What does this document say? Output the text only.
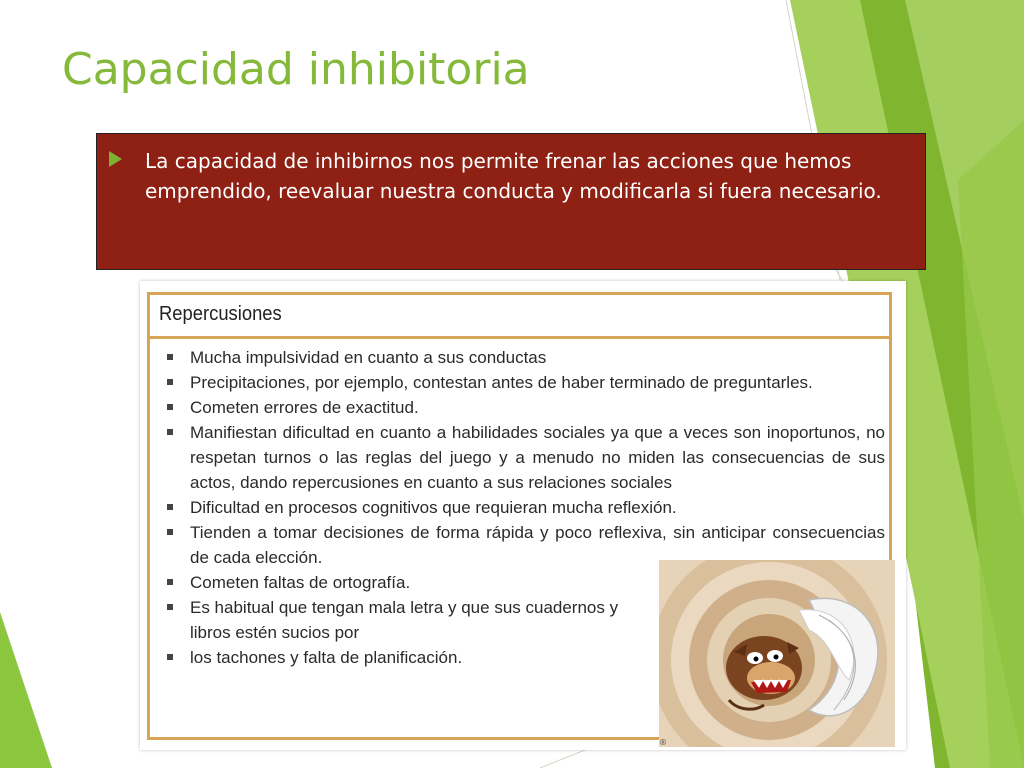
Capacidad inhibitoria

La capacidad de inhibirnos nos permite frenar las acciones que hemos emprendido, reevaluar nuestra conducta y modificarla si fuera necesario.

Repercusiones
Mucha impulsividad en cuanto a sus conductas
Precipitaciones, por ejemplo, contestan antes de haber terminado de preguntarles.
Cometen errores de exactitud.
Manifiestan dificultad en cuanto a habilidades sociales ya que a veces son inoportunos, no respetan turnos o las reglas del juego y a menudo no miden las consecuencias de sus actos, dando repercusiones en cuanto a sus relaciones sociales
Dificultad en procesos cognitivos que requieran mucha reflexión.
Tienden a tomar decisiones de forma rápida y poco reflexiva, sin anticipar consecuencias de cada elección.
Cometen faltas de ortografía.
Es habitual que tengan mala letra y que sus cuadernos y libros estén sucios por
los tachones y falta de planificación.
®
